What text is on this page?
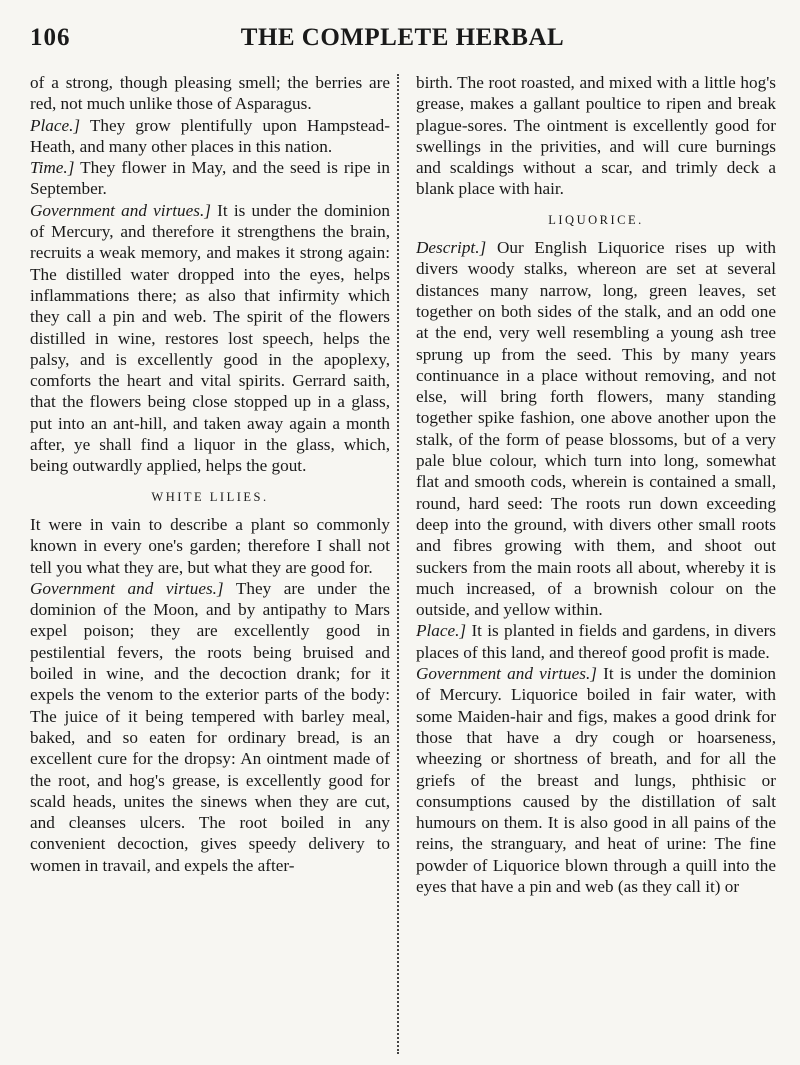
106	THE COMPLETE HERBAL

of a strong, though pleasing smell; the berries are red, not much unlike those of Asparagus.

Place.] They grow plentifully upon Hampstead-Heath, and many other places in this nation.

Time.] They flower in May, and the seed is ripe in September.

Government and virtues.] It is under the dominion of Mercury, and therefore it strengthens the brain, recruits a weak memory, and makes it strong again: The distilled water dropped into the eyes, helps inflammations there; as also that infirmity which they call a pin and web. The spirit of the flowers distilled in wine, restores lost speech, helps the palsy, and is excellently good in the apoplexy, comforts the heart and vital spirits. Gerrard saith, that the flowers being close stopped up in a glass, put into an ant-hill, and taken away again a month after, ye shall find a liquor in the glass, which, being outwardly applied, helps the gout.

WHITE LILIES.

It were in vain to describe a plant so commonly known in every one's garden; therefore I shall not tell you what they are, but what they are good for.

Government and virtues.] They are under the dominion of the Moon, and by antipathy to Mars expel poison; they are excellently good in pestilential fevers, the roots being bruised and boiled in wine, and the decoction drank; for it expels the venom to the exterior parts of the body: The juice of it being tempered with barley meal, baked, and so eaten for ordinary bread, is an excellent cure for the dropsy: An ointment made of the root, and hog's grease, is excellently good for scald heads, unites the sinews when they are cut, and cleanses ulcers. The root boiled in any convenient decoction, gives speedy delivery to women in travail, and expels the after-

birth. The root roasted, and mixed with a little hog's grease, makes a gallant poultice to ripen and break plague-sores. The ointment is excellently good for swellings in the privities, and will cure burnings and scaldings without a scar, and trimly deck a blank place with hair.

LIQUORICE.

Descript.] Our English Liquorice rises up with divers woody stalks, whereon are set at several distances many narrow, long, green leaves, set together on both sides of the stalk, and an odd one at the end, very well resembling a young ash tree sprung up from the seed. This by many years continuance in a place without removing, and not else, will bring forth flowers, many standing together spike fashion, one above another upon the stalk, of the form of pease blossoms, but of a very pale blue colour, which turn into long, somewhat flat and smooth cods, wherein is contained a small, round, hard seed: The roots run down exceeding deep into the ground, with divers other small roots and fibres growing with them, and shoot out suckers from the main roots all about, whereby it is much increased, of a brownish colour on the outside, and yellow within.

Place.] It is planted in fields and gardens, in divers places of this land, and thereof good profit is made.

Government and virtues.] It is under the dominion of Mercury. Liquorice boiled in fair water, with some Maiden-hair and figs, makes a good drink for those that have a dry cough or hoarseness, wheezing or shortness of breath, and for all the griefs of the breast and lungs, phthisic or consumptions caused by the distillation of salt humours on them. It is also good in all pains of the reins, the stranguary, and heat of urine: The fine powder of Liquorice blown through a quill into the eyes that have a pin and web (as they call it) or
